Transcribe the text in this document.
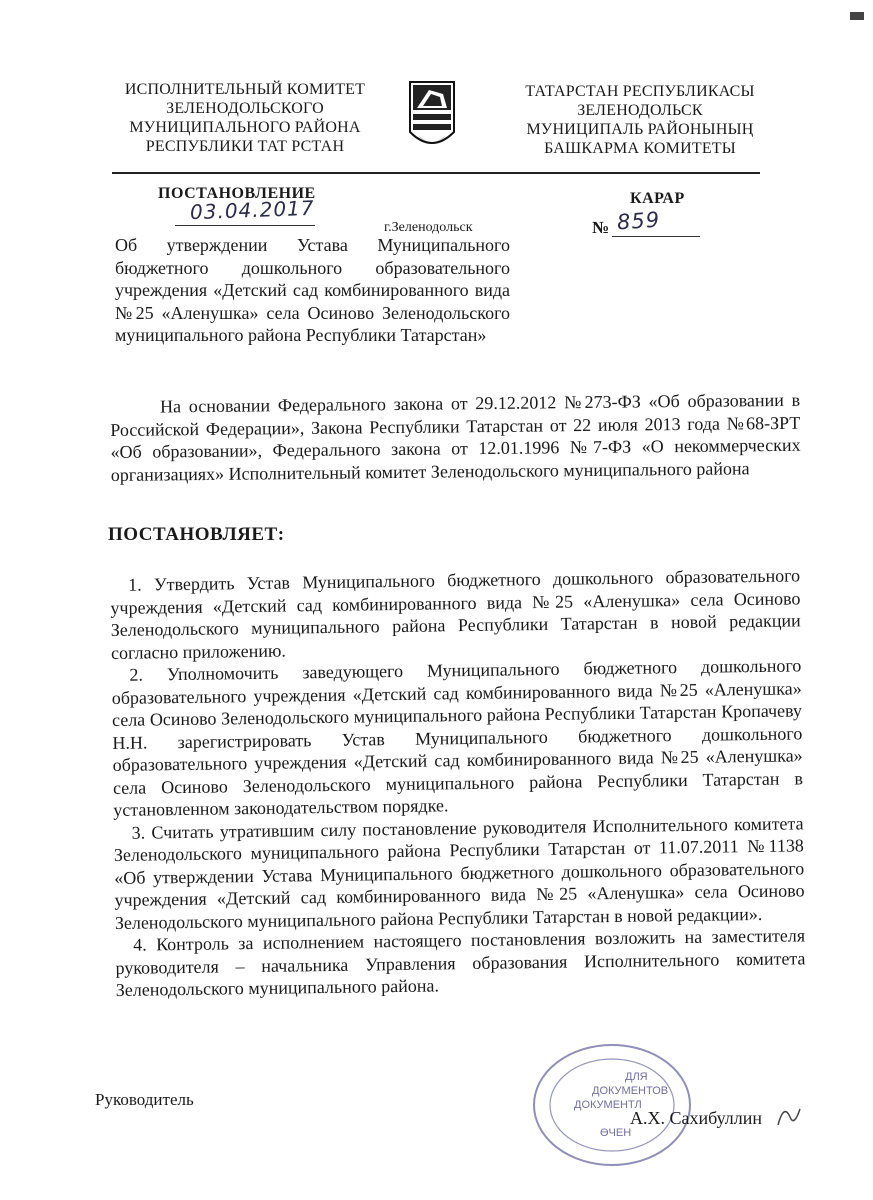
ИСПОЛНИТЕЛЬНЫЙ КОМИТЕТ
ЗЕЛЕНОДОЛЬСКОГО
МУНИЦИПАЛЬНОГО РАЙОНА
РЕСПУБЛИКИ ТАТ РСТАН
ТАТАРСТАН РЕСПУБЛИКАСЫ
ЗЕЛЕНОДОЛЬСК
МУНИЦИПАЛЬ РАЙОНЫНЫҢ
БАШКАРМА КОМИТЕТЫ
ПОСТАНОВЛЕНИЕ	КАРАР
03.04.2017
г.Зеленодольск	№ 859
Об утверждении Устава Муниципального бюджетного дошкольного образовательного учреждения «Детский сад комбинированного вида №25 «Аленушка» села Осиново Зеленодольского муниципального района Республики Татарстан»
На основании Федерального закона от 29.12.2012 №273-ФЗ «Об образовании в Российской Федерации», Закона Республики Татарстан от 22 июля 2013 года №68-ЗРТ «Об образовании», Федерального закона от 12.01.1996 №7-ФЗ «О некоммерческих организациях» Исполнительный комитет Зеленодольского муниципального района
ПОСТАНОВЛЯЕТ:

1. Утвердить Устав Муниципального бюджетного дошкольного образовательного учреждения «Детский сад комбинированного вида №25 «Аленушка» села Осиново Зеленодольского муниципального района Республики Татарстан в новой редакции согласно приложению.

2. Уполномочить заведующего Муниципального бюджетного дошкольного образовательного учреждения «Детский сад комбинированного вида №25 «Аленушка» села Осиново Зеленодольского муниципального района Республики Татарстан Кропачеву Н.Н. зарегистрировать Устав Муниципального бюджетного дошкольного образовательного учреждения «Детский сад комбинированного вида №25 «Аленушка» села Осиново Зеленодольского муниципального района Республики Татарстан в установленном законодательством порядке.

3. Считать утратившим силу постановление руководителя Исполнительного комитета Зеленодольского муниципального района Республики Татарстан от 11.07.2011 №1138 «Об утверждении Устава Муниципального бюджетного дошкольного образовательного учреждения «Детский сад комбинированного вида №25 «Аленушка» села Осиново Зеленодольского муниципального района Республики Татарстан в новой редакции».

4. Контроль за исполнением настоящего постановления возложить на заместителя руководителя – начальника Управления образования Исполнительного комитета Зеленодольского муниципального района.

Руководитель
ДЛЯ
ДОКУМЕНТОВ
ДОКУМЕНТЛ
ӨЧЕН
А.Х. Сахибуллин
